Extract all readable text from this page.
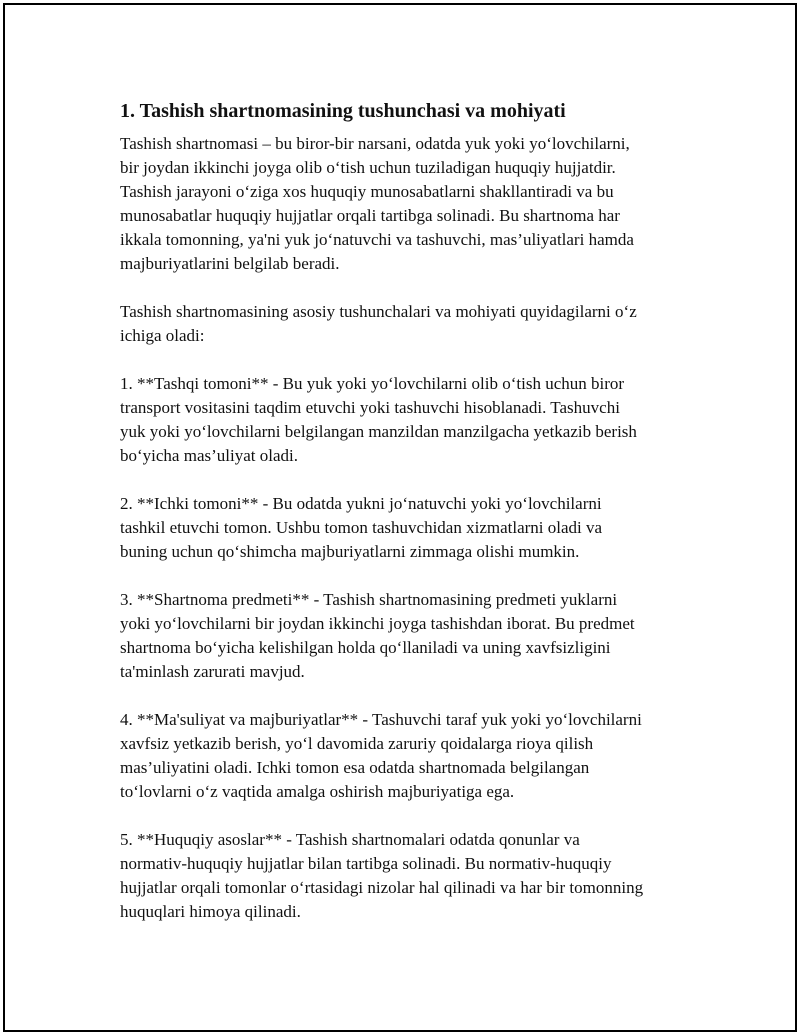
1. Tashish shartnomasining tushunchasi va mohiyati

Tashish shartnomasi – bu biror-bir narsani, odatda yuk yoki yo‘lovchilarni,
bir joydan ikkinchi joyga olib o‘tish uchun tuziladigan huquqiy hujjatdir.
Tashish jarayoni o‘ziga xos huquqiy munosabatlarni shakllantiradi va bu
munosabatlar huquqiy hujjatlar orqali tartibga solinadi. Bu shartnoma har
ikkala tomonning, ya'ni yuk jo‘natuvchi va tashuvchi, mas’uliyatlari hamda
majburiyatlarini belgilab beradi.

Tashish shartnomasining asosiy tushunchalari va mohiyati quyidagilarni o‘z
ichiga oladi:

1. **Tashqi tomoni** - Bu yuk yoki yo‘lovchilarni olib o‘tish uchun biror
transport vositasini taqdim etuvchi yoki tashuvchi hisoblanadi. Tashuvchi
yuk yoki yo‘lovchilarni belgilangan manzildan manzilgacha yetkazib berish
bo‘yicha mas’uliyat oladi.

2. **Ichki tomoni** - Bu odatda yukni jo‘natuvchi yoki yo‘lovchilarni
tashkil etuvchi tomon. Ushbu tomon tashuvchidan xizmatlarni oladi va
buning uchun qo‘shimcha majburiyatlarni zimmaga olishi mumkin.

3. **Shartnoma predmeti** - Tashish shartnomasining predmeti yuklarni
yoki yo‘lovchilarni bir joydan ikkinchi joyga tashishdan iborat. Bu predmet
shartnoma bo‘yicha kelishilgan holda qo‘llaniladi va uning xavfsizligini
ta'minlash zarurati mavjud.

4. **Ma'suliyat va majburiyatlar** - Tashuvchi taraf yuk yoki yo‘lovchilarni
xavfsiz yetkazib berish, yo‘l davomida zaruriy qoidalarga rioya qilish
mas’uliyatini oladi. Ichki tomon esa odatda shartnomada belgilangan
to‘lovlarni o‘z vaqtida amalga oshirish majburiyatiga ega.

5. **Huquqiy asoslar** - Tashish shartnomalari odatda qonunlar va
normativ-huquqiy hujjatlar bilan tartibga solinadi. Bu normativ-huquqiy
hujjatlar orqali tomonlar o‘rtasidagi nizolar hal qilinadi va har bir tomonning
huquqlari himoya qilinadi.
